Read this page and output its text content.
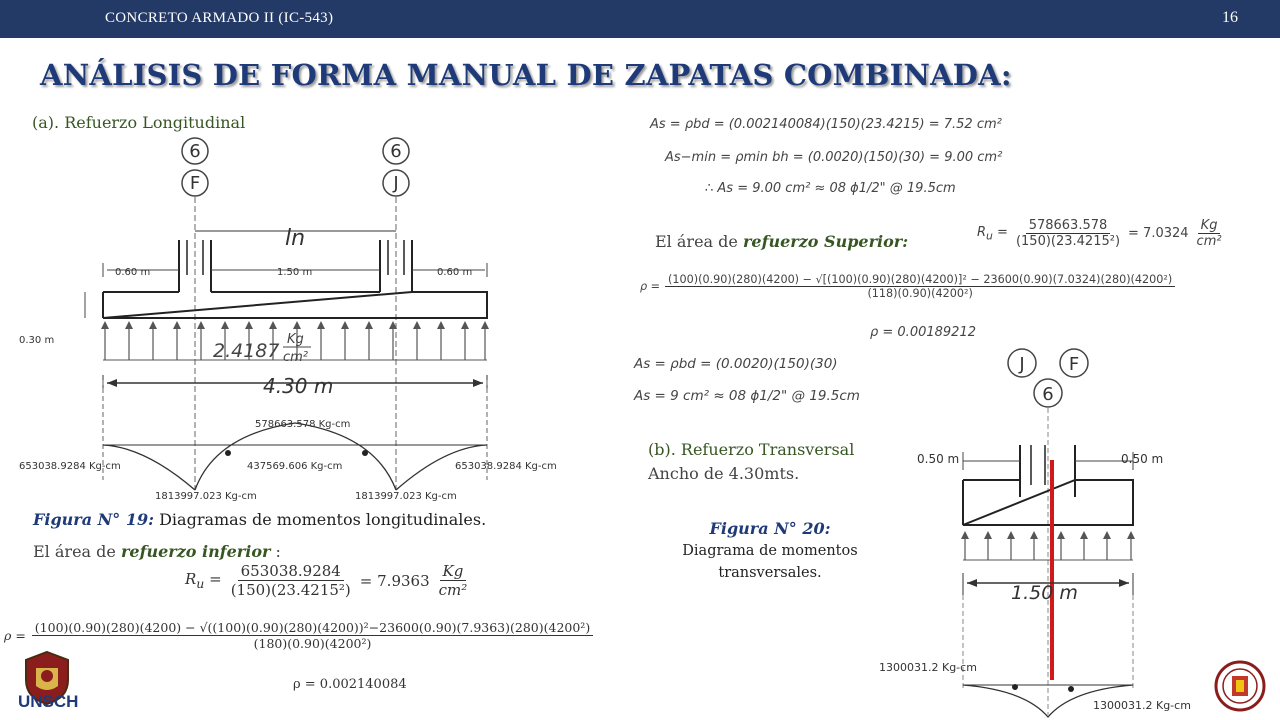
CONCRETO ARMADO II (IC-543)	16
ANÁLISIS DE FORMA MANUAL DE ZAPATAS COMBINADA:
(a). Refuerzo Longitudinal
6
F
6
J
ln
0.60 m	1.50 m	0.60 m
0.30 m	2.4187
Kg
cm²
4.30 m
578663.578 Kg-cm
653038.9284 Kg-cm	437569.606 Kg-cm	653038.9284 Kg-cm
1813997.023 Kg-cm	1813997.023 Kg-cm
Figura N° 19: Diagramas de momentos longitudinales.
El área de refuerzo inferior :
$R_u = \frac{653038.9284}{\text{(150)(23.4215²)}} = 7.9363 \frac{Kg}{\text{cm²}}$
ρ =
(100)(0.90)(280)(4200) − √((100)(0.90)(280)(4200))²−23600(0.90)(7.9363)(280)(4200²)
(180)(0.90)(4200²)
ρ = 0.002140084
UNSCH
As = ρbd = (0.002140084)(150)(23.4215) = 7.52 cm²
As−min = ρmin bh = (0.0020)(150)(30) = 9.00 cm²
∴ As = 9.00 cm² ≈ 08 ϕ1/2" @ 19.5cm
El área de refuerzo Superior:	$R_u = \frac{578663.578}{\text{(150)(23.4215²)}} = 7.0324 \frac{Kg}{\text{cm²}}$
ρ =
(100)(0.90)(280)(4200) − √[(100)(0.90)(280)(4200)]² − 23600(0.90)(7.0324)(280)(4200²)
(118)(0.90)(4200²)
ρ = 0.00189212
As = ρbd = (0.0020)(150)(30)
As = 9 cm² ≈ 08 ϕ1/2" @ 19.5cm
(b). Refuerzo Transversal
Ancho de 4.30mts.
Figura N° 20:
Diagrama de momentos
transversales.
J F
6
0.50 m	0.50 m
1.50 m
1300031.2 Kg-cm
1300031.2 Kg-cm
